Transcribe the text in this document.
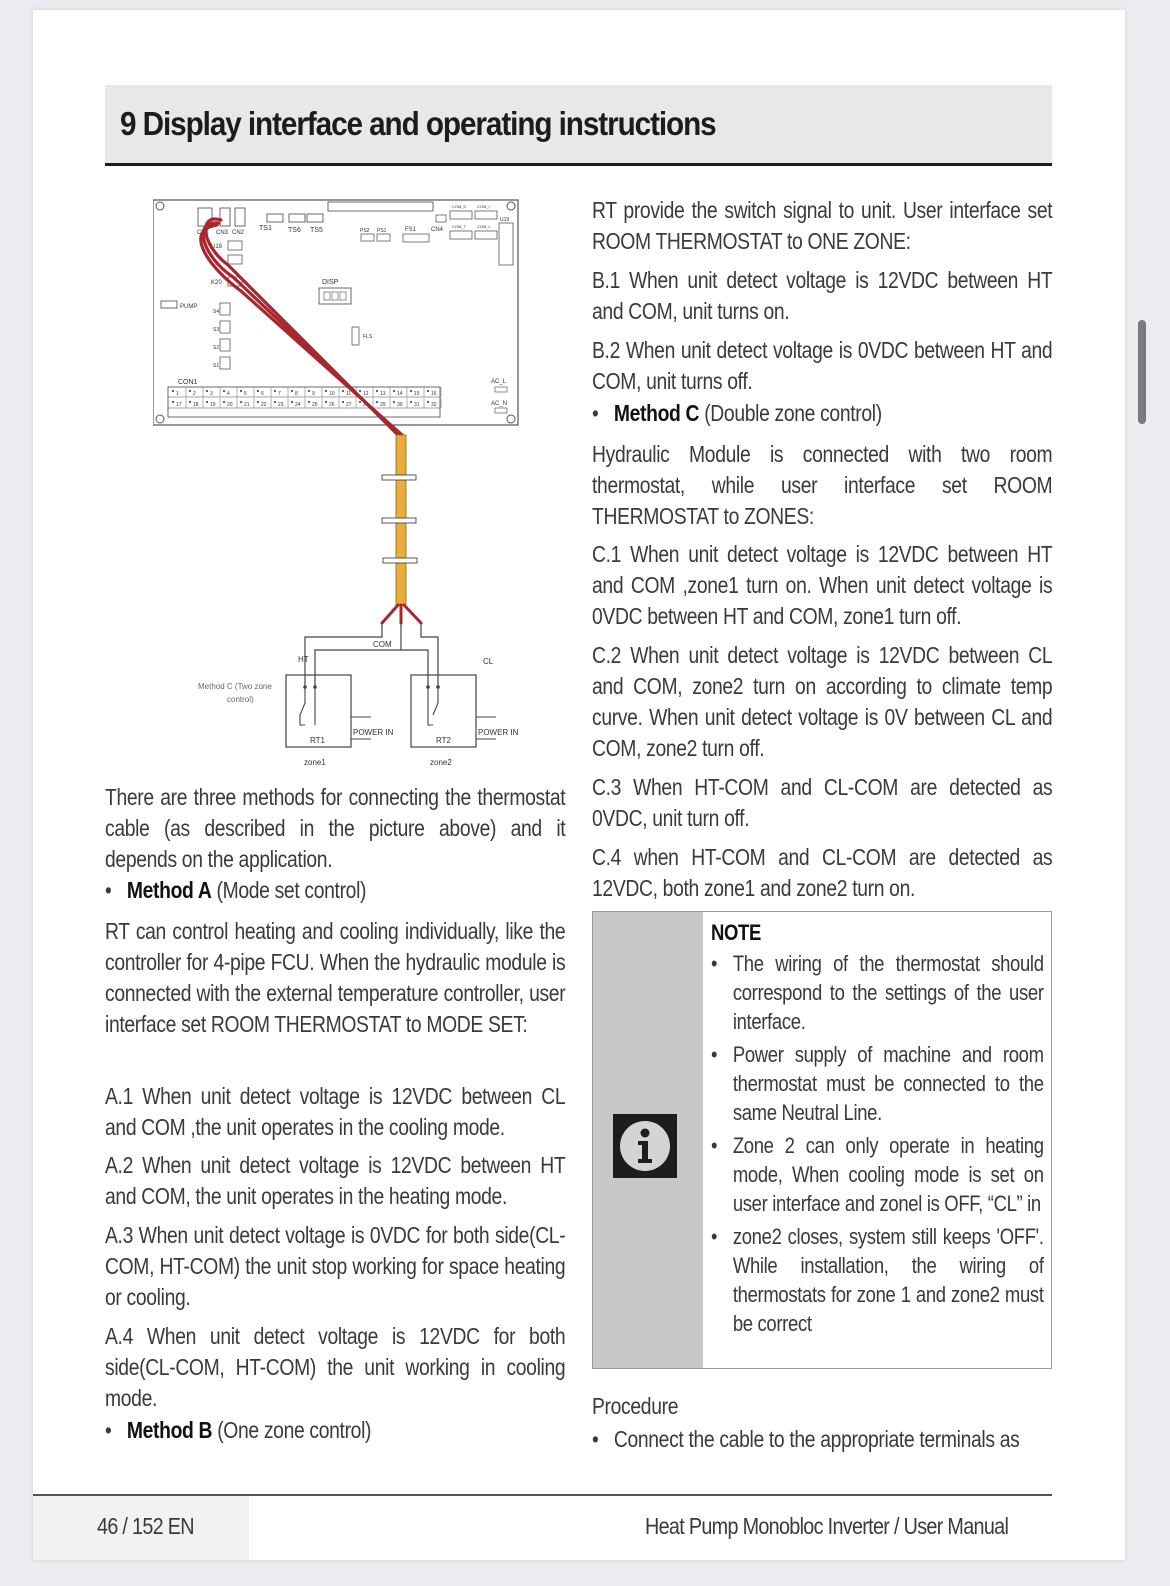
9 Display interface and operating instructions
CN1 CN3 CN2
TS1 TS6 TS5	PS2 PS1	FS1 CN4
COM_C	COM_I
COM_T	COM_L
U19
U18
K20
PUMP
S4
S3
S2
S1
DISP
FLS
CON1
1	2	3	4	5	6	7	8	9	10 11 12 13 14 15 16
17 18 19 20 21 22 23 24 25 26 27 28 29 30 31 32
AC_L
AC_N
HT
COM
CL
Method C (Two zone control)
POWER IN
RT1
zone1
POWER IN
RT2
zone2
There are three methods for connecting the thermostat cable (as described in the picture above) and it depends on the application.
• Method A (Mode set control)
RT can control heating and cooling individually, like the controller for 4-pipe FCU. When the hydraulic module is connected with the external temperature controller, user interface set ROOM THERMOSTAT to MODE SET:
A.1 When unit detect voltage is 12VDC between CL and COM ,the unit operates in the cooling mode.
A.2 When unit detect voltage is 12VDC between HT and COM, the unit operates in the heating mode.
A.3 When unit detect voltage is 0VDC for both side(CL-COM, HT-COM) the unit stop working for space heating or cooling.
A.4 When unit detect voltage is 12VDC for both side(CL-COM, HT-COM) the unit working in cooling mode.
• Method B (One zone control)
RT provide the switch signal to unit. User interface set ROOM THERMOSTAT to ONE ZONE:
B.1 When unit detect voltage is 12VDC between HT and COM, unit turns on.
B.2 When unit detect voltage is 0VDC between HT and COM, unit turns off.
• Method C (Double zone control)
Hydraulic Module is connected with two room thermostat, while user interface set ROOM THERMOSTAT to ZONES:
C.1 When unit detect voltage is 12VDC between HT and COM ,zone1 turn on. When unit detect voltage is 0VDC between HT and COM, zone1 turn off.
C.2 When unit detect voltage is 12VDC between CL and COM, zone2 turn on according to climate temp curve. When unit detect voltage is 0V between CL and COM, zone2 turn off.
C.3 When HT-COM and CL-COM are detected as 0VDC, unit turn off.
C.4 when HT-COM and CL-COM are detected as 12VDC, both zone1 and zone2 turn on.
NOTE
• The wiring of the thermostat should correspond to the settings of the user interface.
• Power supply of machine and room thermostat must be connected to the same Neutral Line.
• Zone 2 can only operate in heating mode, When cooling mode is set on user interface and zonel is OFF, “CL” in
• zone2 closes, system still keeps 'OFF'. While installation, the wiring of thermostats for zone 1 and zone2 must be correct
Procedure
• Connect the cable to the appropriate terminals as
46 / 152 EN	Heat Pump Monobloc Inverter / User Manual
